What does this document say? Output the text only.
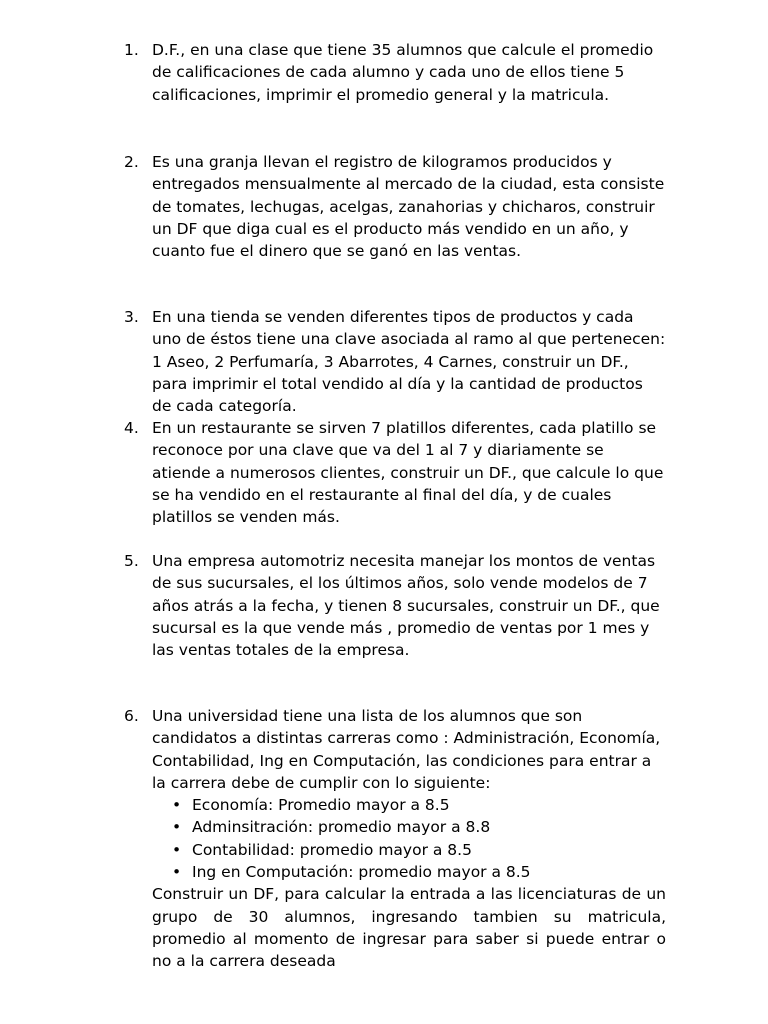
1. D.F., en una clase que tiene 35 alumnos que calcule el promedio de calificaciones de cada alumno y cada uno de ellos tiene 5 calificaciones, imprimir el promedio general y la matricula.
2. Es una granja llevan el registro de kilogramos producidos y entregados mensualmente al mercado de la ciudad, esta consiste de tomates, lechugas, acelgas, zanahorias y chicharos, construir un DF que diga cual es el producto más vendido en un año, y cuanto fue el dinero que se ganó en las ventas.
3. En una tienda se venden diferentes tipos de productos y cada uno de éstos tiene una clave asociada al ramo al que pertenecen: 1 Aseo, 2 Perfumaría, 3 Abarrotes, 4 Carnes, construir un DF., para imprimir el total vendido al día y la cantidad de productos de cada categoría.
4. En un restaurante se sirven 7 platillos diferentes, cada platillo se reconoce por una clave que va del 1 al 7 y diariamente se atiende a numerosos clientes, construir un DF., que calcule lo que se ha vendido en el restaurante al final del día, y de cuales platillos se venden más.
5. Una empresa automotriz necesita manejar los montos de ventas de sus sucursales, el los últimos años, solo vende modelos de 7 años atrás a la fecha, y tienen 8 sucursales, construir un DF., que sucursal es la que vende más , promedio de ventas por 1 mes y las ventas totales de la empresa.
6. Una universidad tiene una lista de los alumnos que son candidatos a distintas carreras como : Administración, Economía, Contabilidad, Ing en Computación, las condiciones para entrar a la carrera debe de cumplir con lo siguiente:
• Economía: Promedio mayor a 8.5
• Adminsitración: promedio mayor a 8.8
• Contabilidad: promedio mayor a 8.5
• Ing en Computación: promedio mayor a 8.5
Construir un DF, para calcular la entrada a las licenciaturas de un grupo de 30 alumnos, ingresando tambien su matricula, promedio al momento de ingresar para saber si puede entrar o no a la carrera deseada
